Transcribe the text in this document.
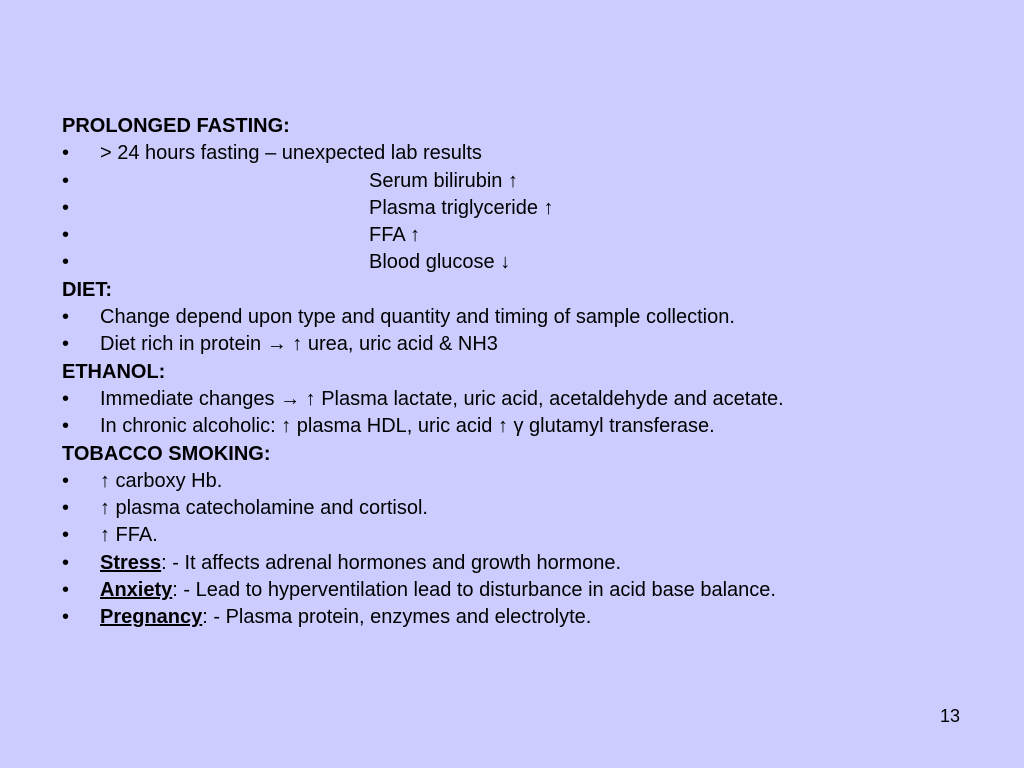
PROLONGED FASTING:
• > 24 hours fasting – unexpected lab results
•	Serum bilirubin ↑
•	Plasma triglyceride ↑
•	FFA ↑
•	Blood glucose ↓
DIET:
• Change depend upon type and quantity and timing of sample collection.
• Diet rich in protein → ↑ urea, uric acid & NH3
ETHANOL:
• Immediate changes → ↑ Plasma lactate, uric acid, acetaldehyde and acetate.
• In chronic alcoholic: ↑ plasma HDL, uric acid ↑ γ glutamyl transferase.
TOBACCO SMOKING:
• ↑ carboxy Hb.
• ↑ plasma catecholamine and cortisol.
• ↑ FFA.
• Stress: - It affects adrenal hormones and growth hormone.
• Anxiety: - Lead to hyperventilation lead to disturbance in acid base balance.
• Pregnancy: - Plasma protein, enzymes and electrolyte.
13
